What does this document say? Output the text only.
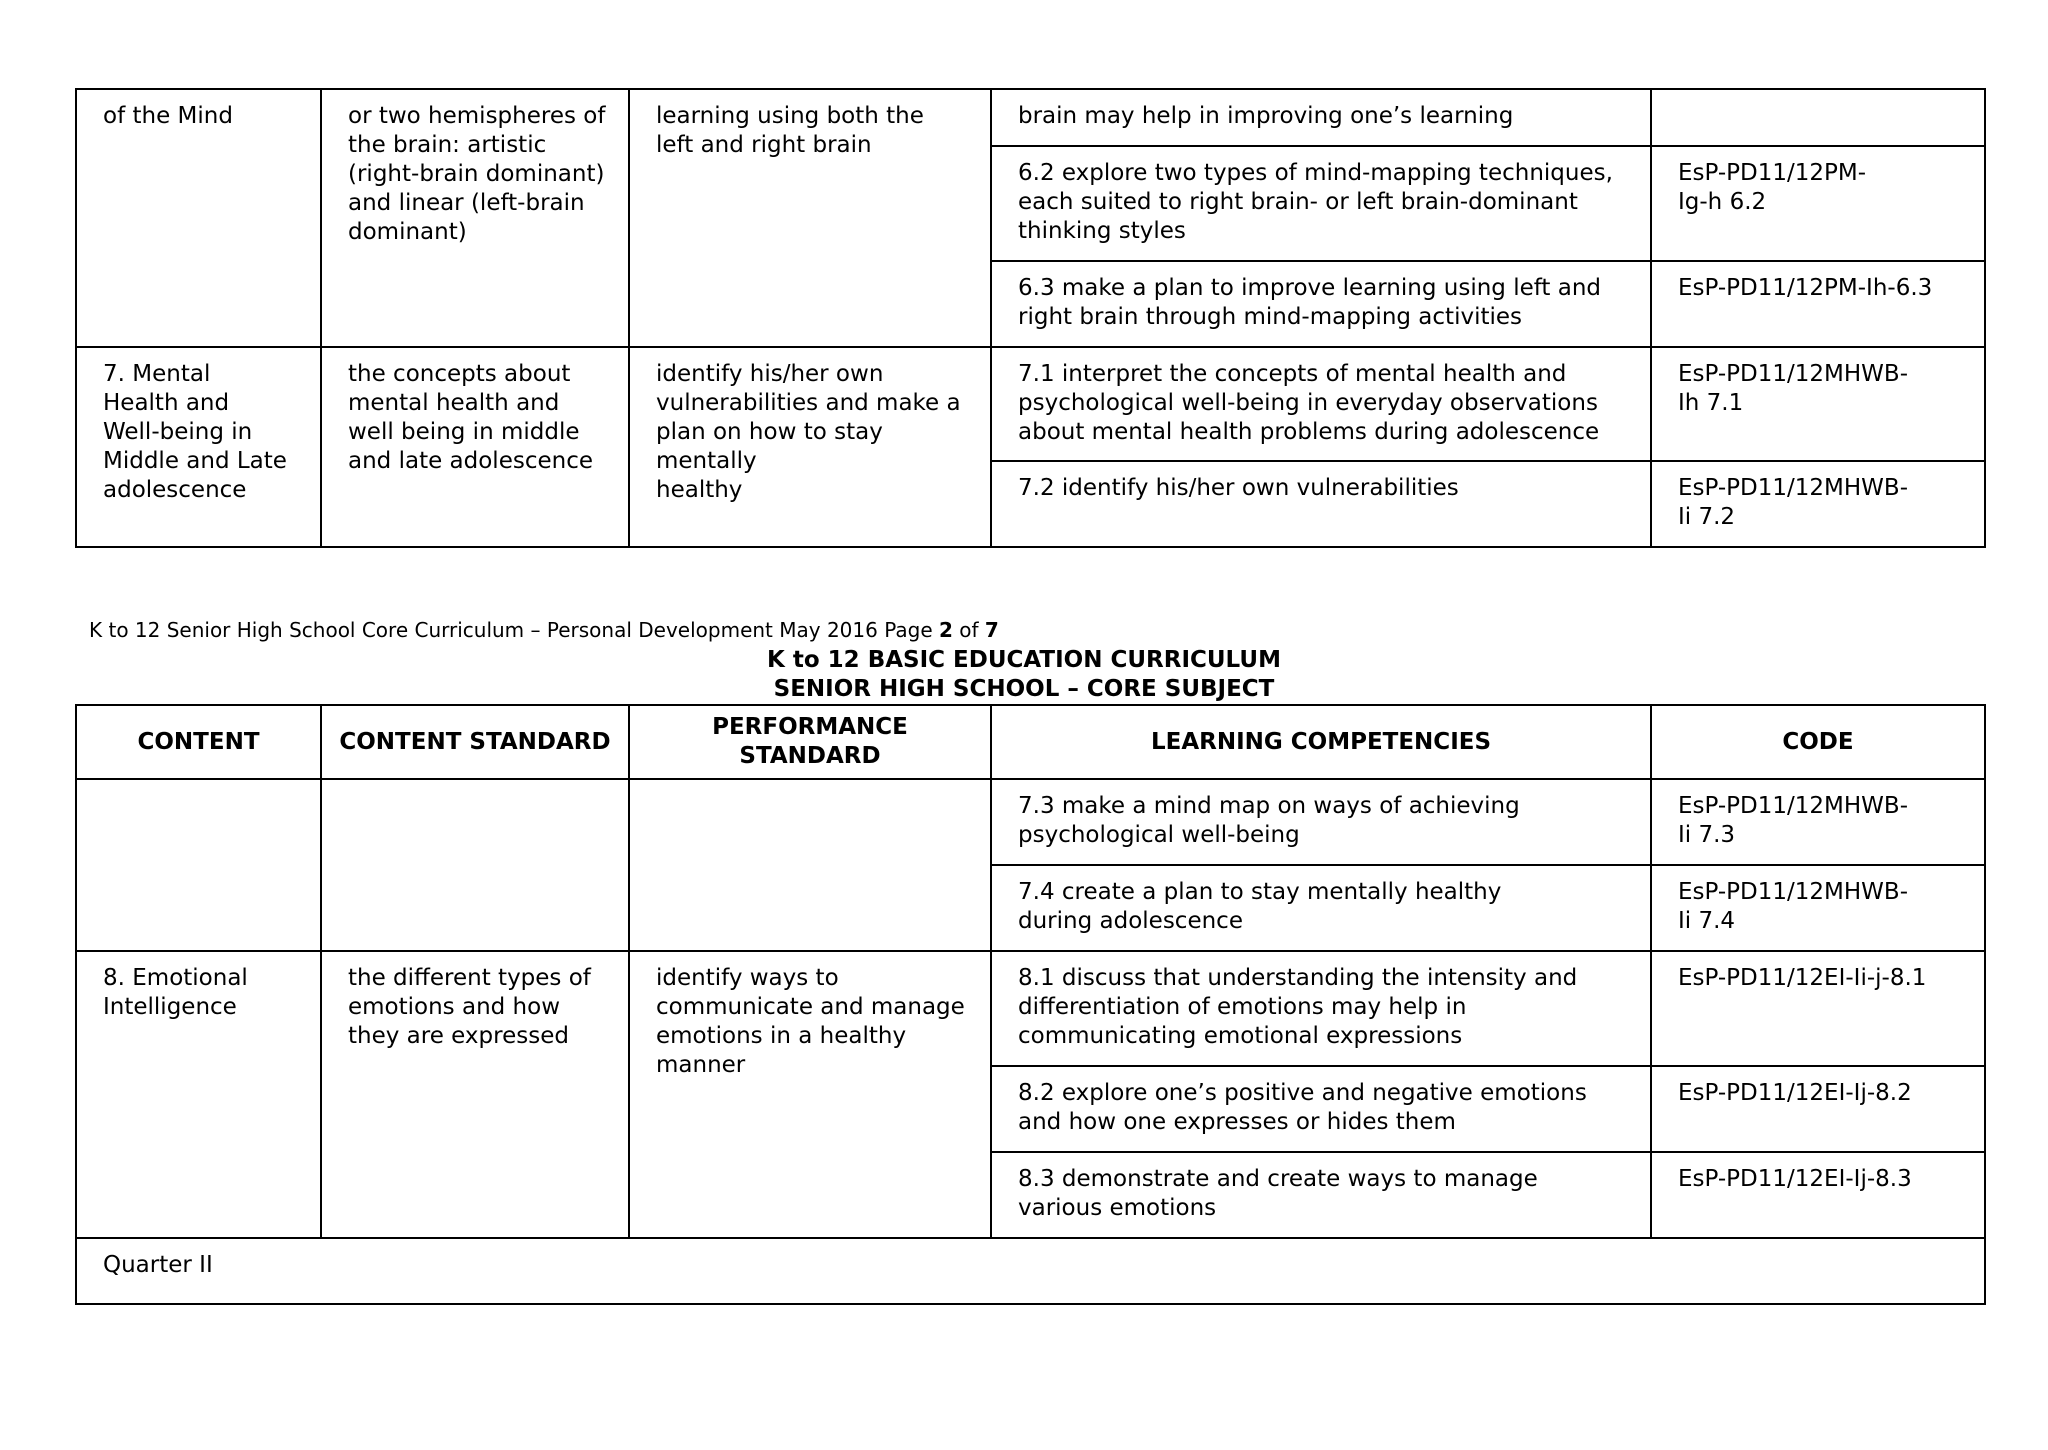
of the Mind	or two hemispheres of
the brain: artistic
(right-brain dominant)
and linear (left-brain
dominant)	learning using both the
left and right brain	brain may help in improving one’s learning	

			6.2 explore two types of mind-mapping techniques,
each suited to right brain- or left brain-dominant
thinking styles	EsP-PD11/12PM-
Ig-h 6.2

			6.3 make a plan to improve learning using left and
right brain through mind-mapping activities	EsP-PD11/12PM-Ih-6.3

7. Mental
Health and
Well-being in
Middle and Late
adolescence	the concepts about
mental health and
well being in middle
and late adolescence	identify his/her own
vulnerabilities and make a
plan on how to stay
mentally
healthy	7.1 interpret the concepts of mental health and
psychological well-being in everyday observations
about mental health problems during adolescence	EsP-PD11/12MHWB-
Ih 7.1

			7.2 identify his/her own vulnerabilities	EsP-PD11/12MHWB-
Ii 7.2
K to 12 Senior High School Core Curriculum – Personal Development May 2016 Page 2 of 7
K to 12 BASIC EDUCATION CURRICULUM
SENIOR HIGH SCHOOL – CORE SUBJECT
CONTENT	CONTENT STANDARD	PERFORMANCE STANDARD	LEARNING COMPETENCIES	CODE

			7.3 make a mind map on ways of achieving
psychological well-being	EsP-PD11/12MHWB-
Ii 7.3

			7.4 create a plan to stay mentally healthy
during adolescence	EsP-PD11/12MHWB-
Ii 7.4

8. Emotional
Intelligence	the different types of
emotions and how
they are expressed	identify ways to
communicate and manage
emotions in a healthy
manner	8.1 discuss that understanding the intensity and
differentiation of emotions may help in
communicating emotional expressions	EsP-PD11/12EI-Ii-j-8.1

			8.2 explore one’s positive and negative emotions
and how one expresses or hides them	EsP-PD11/12EI-Ij-8.2

			8.3 demonstrate and create ways to manage
various emotions	EsP-PD11/12EI-Ij-8.3

Quarter II				
